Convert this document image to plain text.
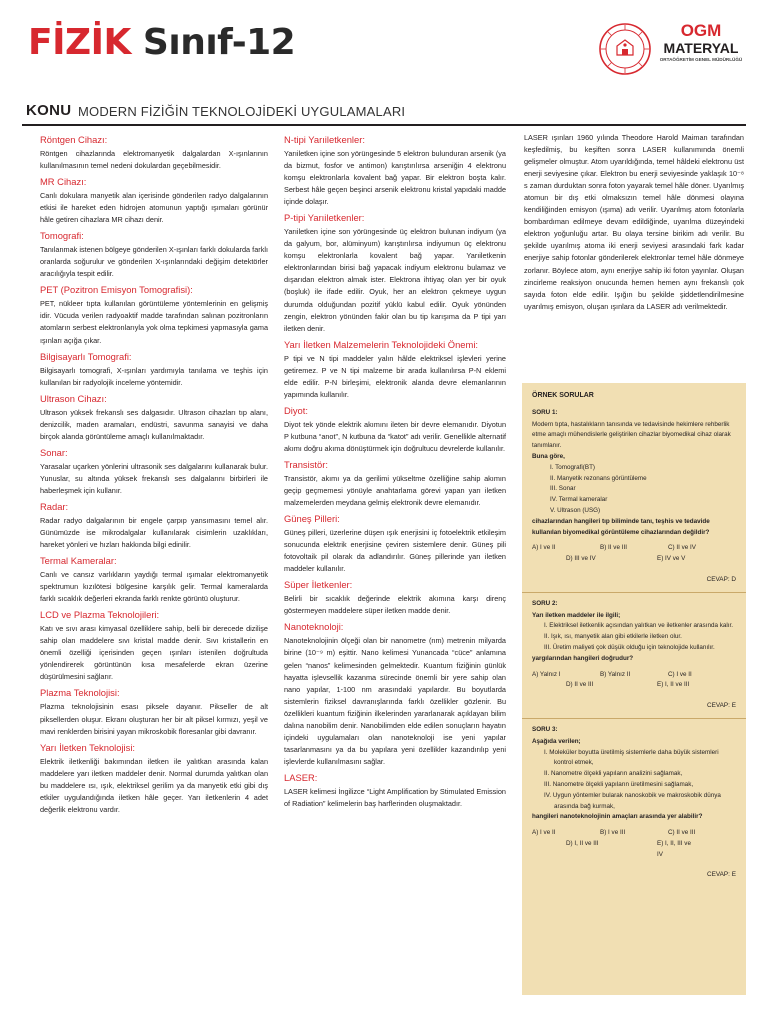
FİZİK Sınıf-12	OGM
MATERYAL
ORTAÖĞRETİM GENEL MÜDÜRLÜĞÜ
KONU MODERN FİZİĞİN TEKNOLOJİDEKİ UYGULAMALARI
Röntgen Cihazı:

Röntgen cihazlarında elektromanyetik dalgalardan X-ışınlarının kullanılmasının temel nedeni dokulardan geçebilmesidir.

MR Cihazı:

Canlı dokulara manyetik alan içerisinde gönderilen radyo dalgalarının etkisi ile hareket eden hidrojen atomunun yaptığı ışımaları görünür hâle getiren cihazlara MR cihazı denir.

Tomografi:

Tanılanmak istenen bölgeye gönderilen X-ışınları farklı dokularda farklı oranlarda soğurulur ve gönderilen X-ışınlarındaki değişim detektörler aracılığıyla tespit edilir.

PET (Pozitron Emisyon Tomografisi):

PET, nükleer tıpta kullanılan görüntüleme yöntemlerinin en gelişmiş idir. Vücuda verilen radyoaktif madde tarafından salınan pozitronların atomların serbest elektronlarıyla yok olma tepkimesi yapmasıyla gama ışınları açığa çıkar.

Bilgisayarlı Tomografi:

Bilgisayarlı tomografi, X-ışınları yardımıyla tanılama ve teşhis için kullanılan bir radyolojik inceleme yöntemidir.

Ultrason Cihazı:

Ultrason yüksek frekanslı ses dalgasıdır. Ultrason cihazları tıp alanı, denizcilik, maden aramaları, endüstri, savunma sanayisi ve daha birçok alanda görüntüleme amaçlı kullanılmaktadır.

Sonar:

Yarasalar uçarken yönlerini ultrasonik ses dalgalarını kullanarak bulur. Yunuslar, su altında yüksek frekanslı ses dalgalarını birbirleri ile haberleşmek için kullanır.

Radar:

Radar radyo dalgalarının bir engele çarpıp yansımasını temel alır. Günümüzde ise mikrodalgalar kullanılarak cisimlerin uzaklıkları, hareket yönleri ve hızları hakkında bilgi edinilir.

Termal Kameralar:

Canlı ve cansız varlıkların yaydığı termal ışımalar elektromanyetik spektrumun kızılötesi bölgesine karşılık gelir. Termal kameralarda farklı sıcaklık değerleri ekranda farklı renkte görüntü oluşturur.

LCD ve Plazma Teknolojileri:

Katı ve sıvı arası kimyasal özelliklere sahip, belli bir derecede dizilişe sahip olan maddelere sıvı kristal madde denir. Sıvı kristallerin en önemli özelliği içerisinden geçen ışınları istenilen doğrultuda yönlendirerek görüntünün kısa mesafelerde ekran üzerine düşürülmesini sağlarır.

Plazma Teknolojisi:

Plazma teknolojisinin esası piksele dayanır. Pikseller de alt piksellerden oluşur. Ekranı oluşturan her bir alt piksel kırmızı, yeşil ve mavi renklerden birisini yayan mikroskobik floresanlar gibi davranır.

Yarı İletken Teknolojisi:

Elektrik iletkenliği bakımından iletken ile yalıtkan arasında kalan maddelere yarı iletken maddeler denir. Normal durumda yalıtkan olan bu maddelere ısı, ışık, elektriksel gerilim ya da manyetik etki gibi dış etkiler uygulandığında iletken hâle geçer. Yarı iletkenlerin 4 adet değerlik elektronu vardır.

N-tipi Yarıiletkenler:

Yarıiletken içine son yörüngesinde 5 elektron bulunduran arsenik (ya da bizmut, fosfor ve antimon) karıştırılırsa arseniğin 4 elektronu komşu elektronlarla kovalent bağ yapar. Bir elektron boşta kalır. Serbest hâle geçen beşinci arsenik elektronu kristal yapıdaki madde içinde dolaşır.

P-tipi Yarıiletkenler:

Yarıiletken içine son yörüngesinde üç elektron bulunan indiyum (ya da galyum, bor, alüminyum) karıştırılırsa indiyumun üç elektronu komşu elektronlarla kovalent bağ yapar. Yarıiletkenin elektronlarından birisi bağ yapacak indiyum elektronu bulamaz ve dışarıdan elektron almak ister. Elektrona ihtiyaç olan yer bir oyuk (boşluk) ile ifade edilir. Oyuk, her an elektron çekmeye uygun durumda olduğundan pozitif yüklü kabul edilir. Oyuk yönünden zengin, elektron yönünden fakir olan bu tip karışıma da P tipi yarı iletken denir.

Yarı İletken Malzemelerin Teknolojideki Önemi:

P tipi ve N tipi maddeler yalın hâlde elektriksel işlevleri yerine getiremez. P ve N tipi malzeme bir arada kullanılırsa P-N eklemi elde edilir. P-N birleşimi, elektronik alanda devre elemanlarının yapımında kullanılır.

Diyot:

Diyot tek yönde elektrik akımını ileten bir devre elemanıdır. Diyotun P kutbuna “anot”, N kutbuna da “katot” adı verilir. Genellikle alternatif akımı doğru akıma dönüştürmek için doğrultucu devrelerde kullanılır.

Transistör:

Transistör, akımı ya da gerilimi yükseltme özelliğine sahip akımın geçip geçmemesi yönüyle anahtarlama görevi yapan yarı iletken malzemelerden meydana gelmiş elektronik devre elemanıdır.

Güneş Pilleri:

Güneş pilleri, üzerlerine düşen ışık enerjisini iç fotoelektrik etkileşim sonucunda elektrik enerjisine çeviren sistemlere denir. Güneş pili fotovoltaik pil olarak da adlandırılır. Güneş pillerinde yarı iletken maddeler kullanılır.

Süper İletkenler:

Belirli bir sıcaklık değerinde elektrik akımına karşı direnç göstermeyen maddelere süper iletken madde denir.

Nanoteknoloji:

Nanoteknolojinin ölçeği olan bir nanometre (nm) metrenin milyarda birine (10⁻⁹ m) eşittir. Nano kelimesi Yunancada “cüce” anlamına gelen “nanos” kelimesinden gelmektedir. Kuantum fiziğinin günlük hayatta işlevsellik kazanma sürecinde önemli bir yere sahip olan nano yapılar, 1-100 nm arasındaki yapılardır. Bu boyutlarda sistemlerin fiziksel davranışlarında farklı özellikler gözlenir. Bu özellikleri kuantum fiziğinin ilkelerinden yararlanarak açıklayan bilim dalına nanobilim denir. Nanobilimden elde edilen sonuçların hayatın içindeki uygulamaları olan nanoteknoloji ise yeni yapılar tasarlanmasını ya da bu yapılara yeni özellikler kazandırılıp yeni işlevlerde kullanılmasını sağlar.

LASER:

LASER kelimesi İngilizce “Light Amplification by Stimulated Emission of Radiation” kelimelerin baş harflerinden oluşmaktadır.

LASER ışınları 1960 yılında Theodore Harold Maiman tarafından keşfedilmiş, bu keşiften sonra LASER kullanımında önemli gelişmeler olmuştur. Atom uyarıldığında, temel hâldeki elektronu üst enerji seviyesine çıkar. Elektron bu enerji seviyesinde yaklaşık 10⁻⁸ s zaman durduktan sonra foton yayarak temel hâle döner. Uyarılmış atomun bir dış etki olmaksızın temel hâle dönmesi olayına kendiliğinden emisyon (ışıma) adı verilir. Uyarılmış atom fotonlarla bombardıman edilmeye devam edildiğinde, uyarılma düzeyindeki elektron yoğunluğu artar. Bu olaya tersine birikim adı verilir. Bu şekilde uyarılmış atoma iki enerji seviyesi arasındaki fark kadar enerjiye sahip fotonlar gönderilerek elektronlar temel hâle dönmeye zorlanır. Böylece atom, aynı enerjiye sahip iki foton yayınlar. Oluşan zincirleme reaksiyon onucunda hemen hemen aynı frekanslı çok sayıda foton elde edilir. Işığın bu şekilde şiddetlendirilmesine uyarılmış emisyon, oluşan ışınlara da LASER adı verilmektedir.

ÖRNEK SORULAR
SORU 1:
Modern tıpta, hastalıkların tanısında ve tedavisinde hekimlere rehberlik etme amaçlı mühendislerle geliştirilen cihazlar biyomedikal cihaz olarak tanımlanır.
Buna göre,
I. Tomografi(BT)
II. Manyetik rezonans görüntüleme
III. Sonar
IV. Termal kameralar
V. Ultrason (USG)
cihazlarından hangileri tıp biliminde tanı, teşhis ve tedavide kullanılan biyomedikal görüntüleme cihazlarından değildir?
A) I ve II	B) II ve III	C) II ve IV
D) III ve IV	E) IV ve V
CEVAP: D
SORU 2:
Yarı iletken maddeler ile ilgili;
I. Elektriksel iletkenlik açısından yalıtkan ve iletkenler arasında kalır.
II. Işık, ısı, manyetik alan gibi etkilerle iletken olur.
III. Üretim maliyeti çok düşük olduğu için teknolojide kullanılır.
yargılarından hangileri doğrudur?
A) Yalnız I	B) Yalnız II	C) I ve II
D) II ve III	E) I, II ve III
CEVAP: E
SORU 3:
Aşağıda verilen;
I. Moleküler boyutta üretilmiş sistemlerle daha büyük sistemleri kontrol etmek,
II. Nanometre ölçekli yapıların analizini sağlamak,
III. Nanometre ölçekli yapıların üretilmesini sağlamak,
IV. Uygun yöntemler bularak nanoskobik ve makroskobik dünya arasında bağ kurmak,
hangileri nanoteknolojinin amaçları arasında yer alabilir?
A) I ve II	B) I ve III	C) II ve III
D) I, II ve III	E) I, II, III ve IV
CEVAP: E
